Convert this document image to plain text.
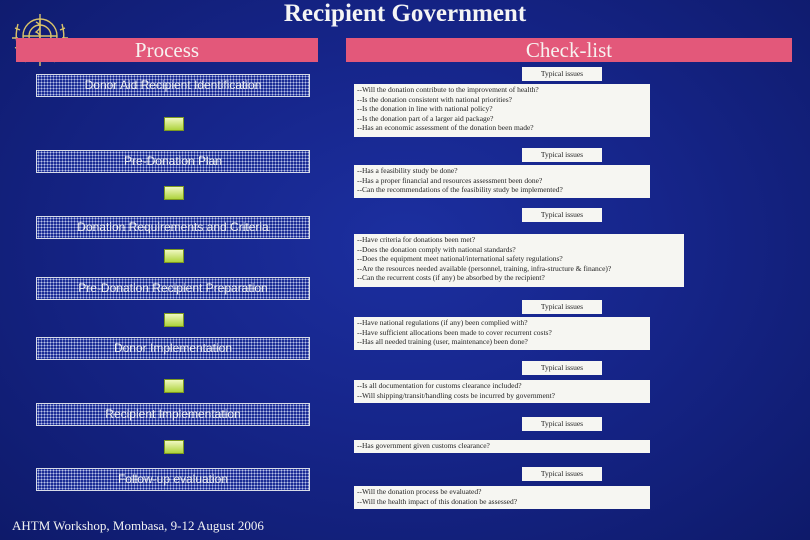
Recipient Government
Process	Check-list
Donor Aid Recipient Identification
Pre-Donation Plan
Donation Requirements and Criteria
Pre-Donation Recipient Preparation
Donor Implementation
Recipient Implementation
Follow-up evaluation
Typical issues
--Will the donation contribute to the improvement of health?
--Is the donation consistent with national priorities?
--Is the donation in line with national policy?
--Is the donation part of a larger aid package?
--Has an economic assessment of the donation been made?
Typical issues
--Has a feasibility study be done?
--Has a proper financial and resources assessment been done?
--Can the recommendations of the feasibility study be implemented?
Typical issues
--Have criteria for donations been met?
--Does the donation comply with national standards?
--Does the equipment meet national/international safety regulations?
--Are the resources needed available (personnel, training, infra-structure & finance)?
--Can the recurrent costs (if any) be absorbed by the recipient?
Typical issues
--Have national regulations (if any) been complied with?
--Have sufficient allocations been made to cover recurrent costs?
--Has all needed training (user, maintenance) been done?
Typical issues
--Is all documentation for customs clearance included?
--Will shipping/transit/handling costs be incurred by government?
Typical issues
--Has government given customs clearance?
Typical issues
--Will the donation process be evaluated?
--Will the health impact of this donation be assessed?
AHTM Workshop, Mombasa, 9-12 August 2006
